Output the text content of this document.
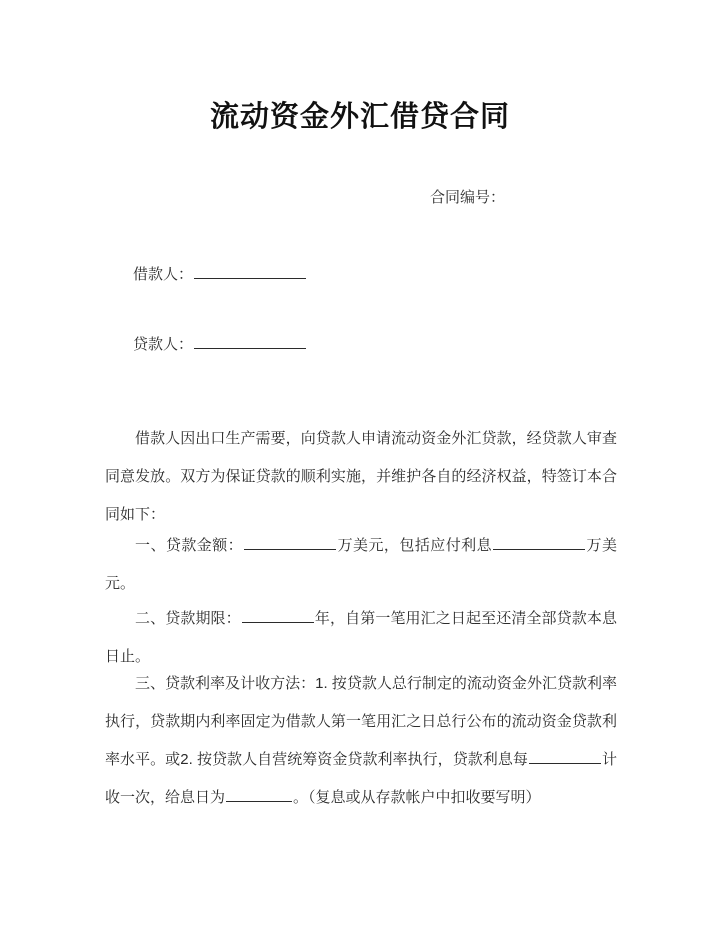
流动资金外汇借贷合同
合同编号：
借款人：
贷款人：

借款人因出口生产需要，向贷款人申请流动资金外汇贷款，经贷款人审查同意发放。双方为保证贷款的顺利实施，并维护各自的经济权益，特签订本合同如下：

一、贷款金额：	万美元，包括应付利息	万美元。

二、贷款期限：	年，自第一笔用汇之日起至还清全部贷款本息日止。

三、贷款利率及计收方法：1. 按贷款人总行制定的流动资金外汇贷款利率执行，贷款期内利率固定为借款人第一笔用汇之日总行公布的流动资金贷款利率水平。或2. 按贷款人自营统筹资金贷款利率执行，贷款利息每	计收一次，给息日为	。（复息或从存款帐户中扣收要写明）
